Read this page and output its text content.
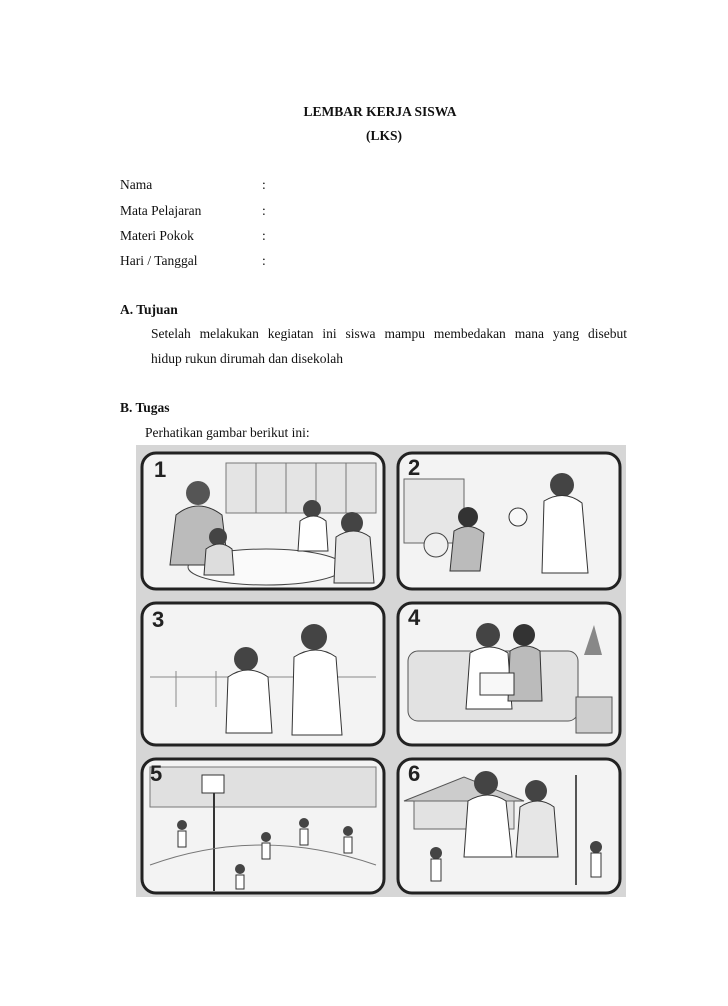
LEMBAR KERJA SISWA
(LKS)
Nama	:
Mata Pelajaran	:
Materi Pokok	:
Hari / Tanggal	:
A. Tujuan
Setelah melakukan kegiatan ini siswa mampu membedakan mana yang disebut
hidup rukun dirumah dan disekolah
B. Tugas
Perhatikan gambar berikut ini:
1	2
3	4
5	6
